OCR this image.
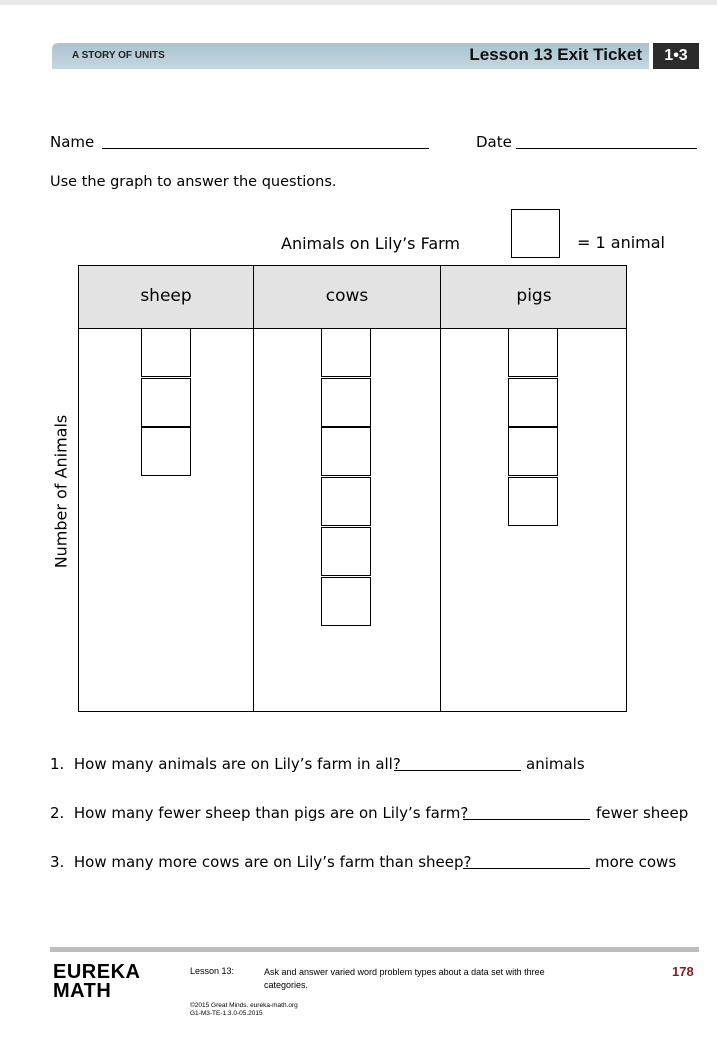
A STORY OF UNITS	Lesson 13 Exit Ticket	1•3
Name	Date
Use the graph to answer the questions.
Animals on Lily’s Farm	= 1 animal
Number of Animals
sheep	cows	pigs
1. How many animals are on Lily’s farm in all?	animals
2. How many fewer sheep than pigs are on Lily’s farm?	fewer sheep
3. How many more cows are on Lily’s farm than sheep?	more cows
EUREKA
MATH
Lesson 13:	Ask and answer varied word problem types about a data set with three categories.
178
©2015 Great Minds. eureka-math.org
G1-M3-TE-1.3.0-05.2015
